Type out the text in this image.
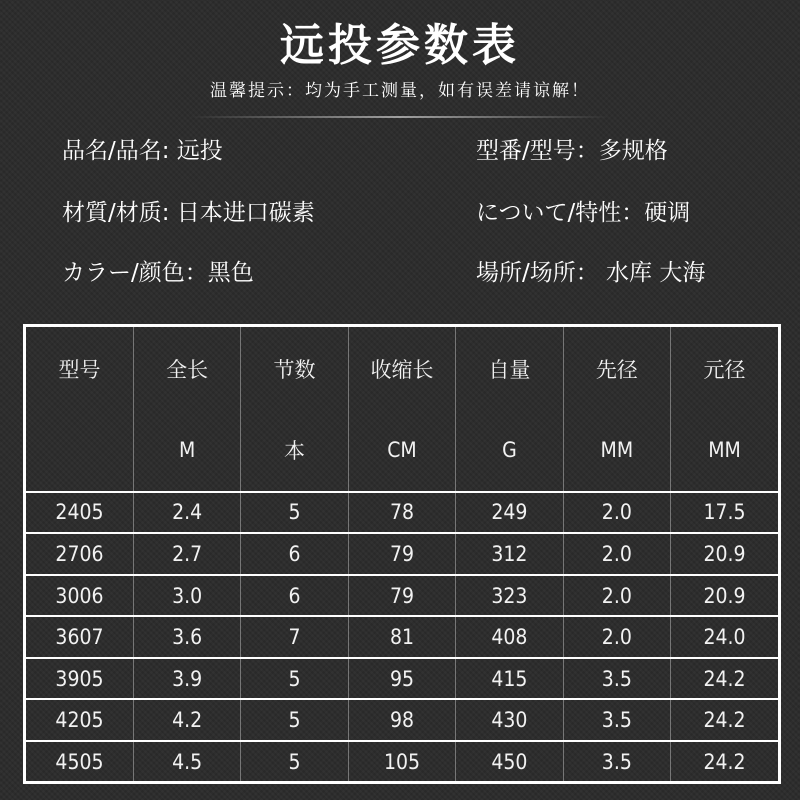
远投参数表
温馨提示：均为手工测量，如有误差请谅解！
品名/品名: 远投	型番/型号：多规格
材質/材质: 日本进口碳素	について/特性：硬调
カラー/颜色：黑色	場所/场所： 水库 大海
型号	全长	节数	收缩长	自量	先径	元径
	M	本	CM	G	MM	MM
2405	2.4	5	78	249	2.0	17.5
2706	2.7	6	79	312	2.0	20.9
3006	3.0	6	79	323	2.0	20.9
3607	3.6	7	81	408	2.0	24.0
3905	3.9	5	95	415	3.5	24.2
4205	4.2	5	98	430	3.5	24.2
4505	4.5	5	105	450	3.5	24.2
